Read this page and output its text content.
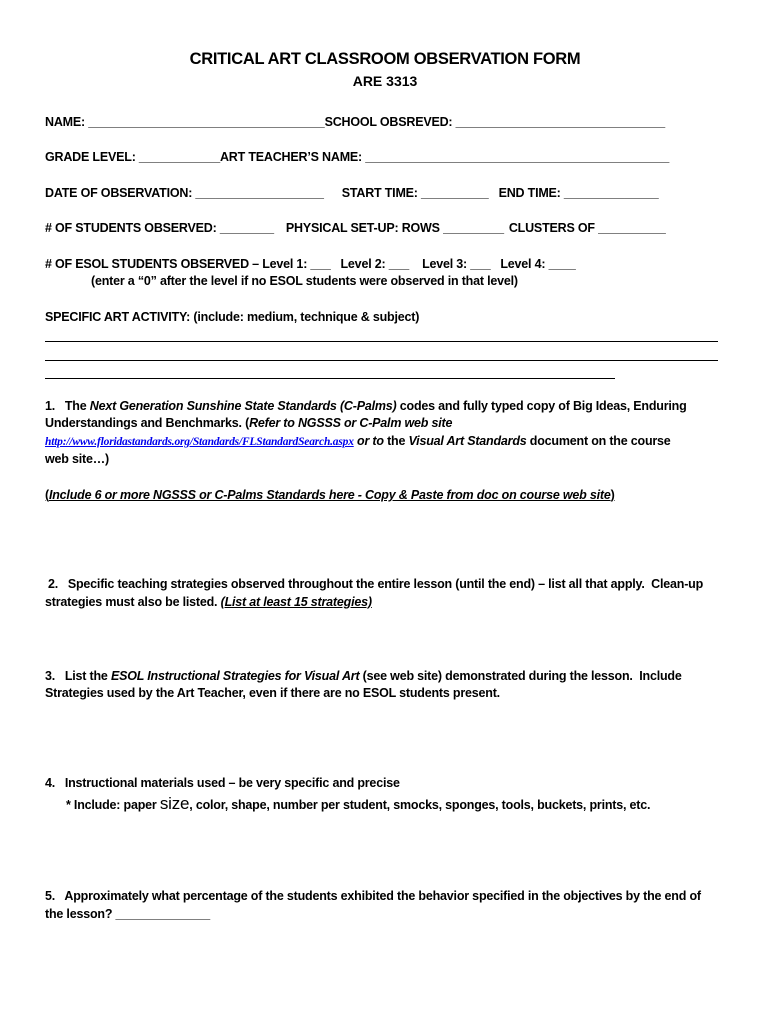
CRITICAL ART CLASSROOM OBSERVATION FORM
ARE 3313
NAME: ___________________________________SCHOOL OBSREVED: _______________________________
GRADE LEVEL: ____________ART TEACHER’S NAME: _____________________________________________
DATE OF OBSERVATION: ___________________ START TIME: __________ END TIME: ______________
# OF STUDENTS OBSERVED: ________ PHYSICAL SET-UP: ROWS _________ CLUSTERS OF __________
# OF ESOL STUDENTS OBSERVED – Level 1: ___   Level 2: ___    Level 3: ___   Level 4: ____
(enter a “0” after the level if no ESOL students were observed in that level)
SPECIFIC ART ACTIVITY: (include: medium, technique & subject)
1.   The Next Generation Sunshine State Standards (C-Palms) codes and fully typed copy of Big Ideas, Enduring
Understandings and Benchmarks. (Refer to NGSSS or C-Palm web site
http://www.floridastandards.org/Standards/FLStandardSearch.aspx or to the Visual Art Standards document on the course
web site…)
(Include 6 or more NGSSS or C-Palms Standards here - Copy & Paste from doc on course web site)
2.   Specific teaching strategies observed throughout the entire lesson (until the end) – list all that apply.  Clean-up
strategies must also be listed. (List at least 15 strategies)
3.   List the ESOL Instructional Strategies for Visual Art (see web site) demonstrated during the lesson.  Include
Strategies used by the Art Teacher, even if there are no ESOL students present.
4.   Instructional materials used – be very specific and precise
* Include: paper size, color, shape, number per student, smocks, sponges, tools, buckets, prints, etc.
5.   Approximately what percentage of the students exhibited the behavior specified in the objectives by the end of
the lesson? ______________
